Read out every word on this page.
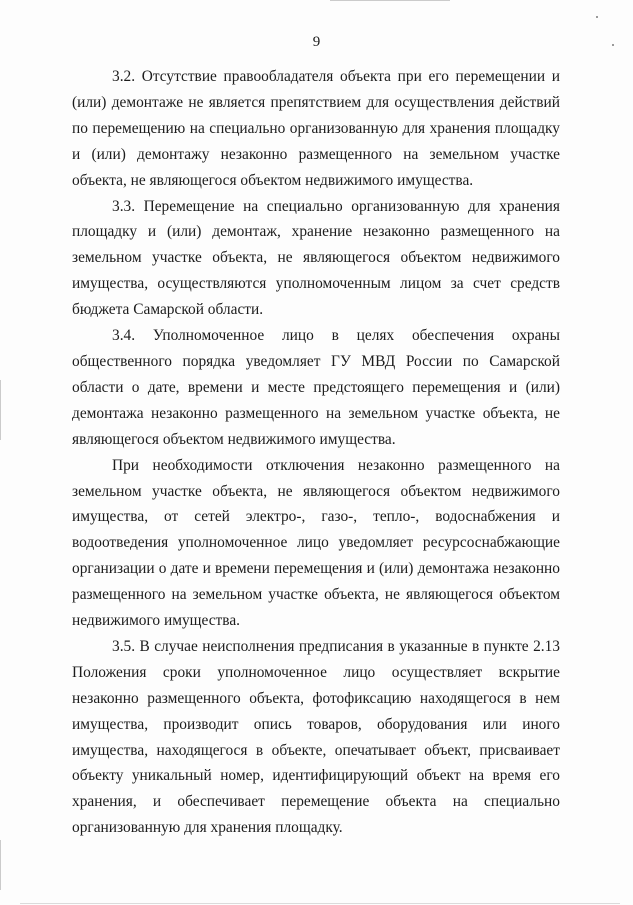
9

3.2. Отсутствие правообладателя объекта при его перемещении и (или) демонтаже не является препятствием для осуществления действий по перемещению на специально организованную для хранения площадку и (или) демонтажу незаконно размещенного на земельном участке объекта, не являющегося объектом недвижимого имущества.

3.3. Перемещение на специально организованную для хранения площадку и (или) демонтаж, хранение незаконно размещенного на земельном участке объекта, не являющегося объектом недвижимого имущества, осуществляются уполномоченным лицом за счет средств бюджета Самарской области.

3.4. Уполномоченное лицо в целях обеспечения охраны общественного порядка уведомляет ГУ МВД России по Самарской области о дате, времени и месте предстоящего перемещения и (или) демонтажа незаконно размещенного на земельном участке объекта, не являющегося объектом недвижимого имущества.

При необходимости отключения незаконно размещенного на земельном участке объекта, не являющегося объектом недвижимого имущества, от сетей электро-, газо-, тепло-, водоснабжения и водоотведения уполномоченное лицо уведомляет ресурсоснабжающие организации о дате и времени перемещения и (или) демонтажа незаконно размещенного на земельном участке объекта, не являющегося объектом недвижимого имущества.

3.5. В случае неисполнения предписания в указанные в пункте 2.13 Положения сроки уполномоченное лицо осуществляет вскрытие незаконно размещенного объекта, фотофиксацию находящегося в нем имущества, производит опись товаров, оборудования или иного имущества, находящегося в объекте, опечатывает объект, присваивает объекту уникальный номер, идентифицирующий объект на время его хранения, и обеспечивает перемещение объекта на специально организованную для хранения площадку.
